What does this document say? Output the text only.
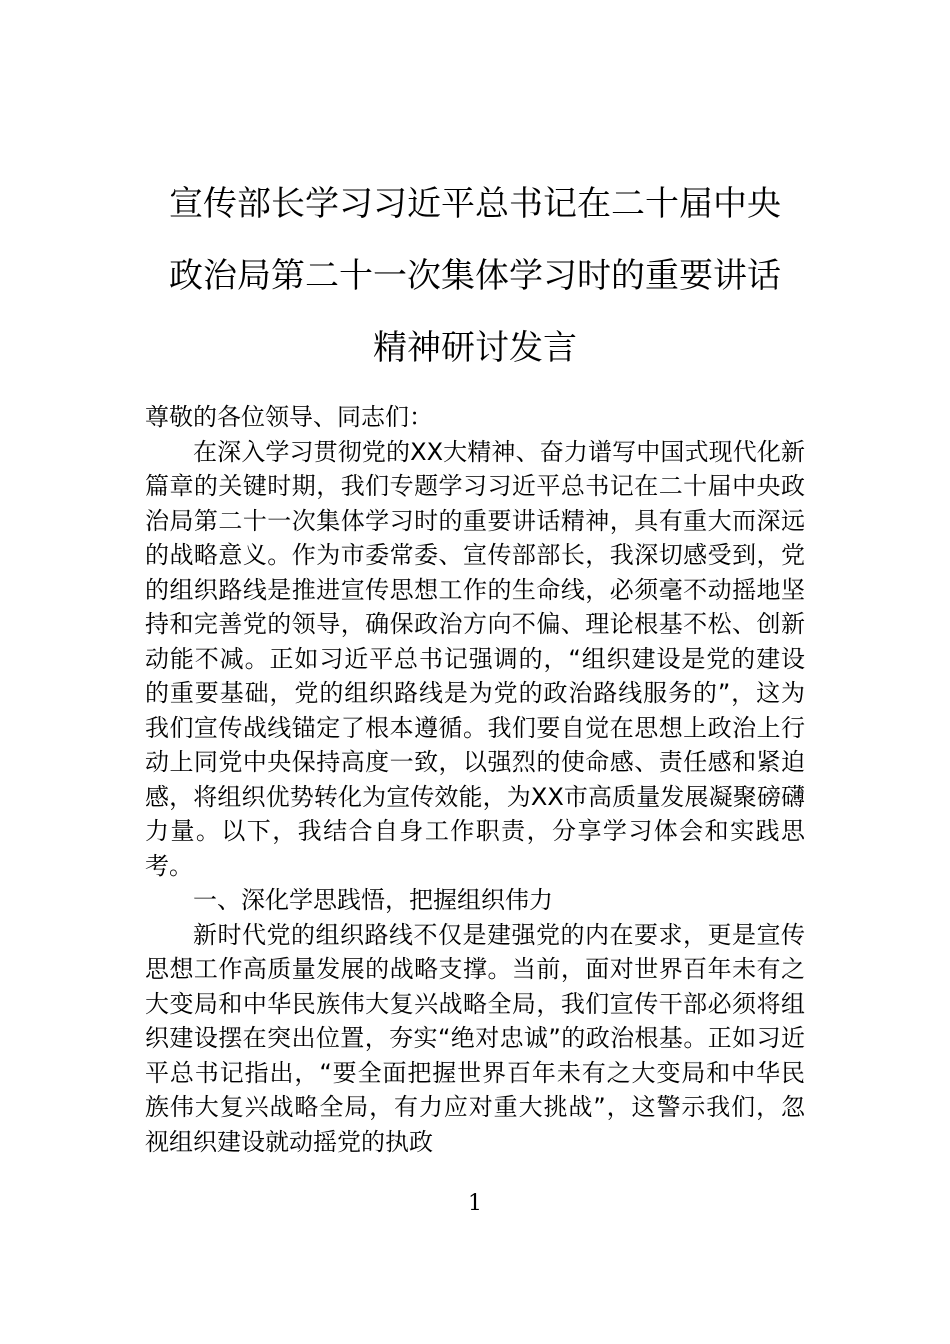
宣传部长学习习近平总书记在二十届中央
政治局第二十一次集体学习时的重要讲话
精神研讨发言

尊敬的各位领导、同志们：

在深入学习贯彻党的XX大精神、奋力谱写中国式现代化新篇章的关键时期，我们专题学习习近平总书记在二十届中央政治局第二十一次集体学习时的重要讲话精神，具有重大而深远的战略意义。作为市委常委、宣传部部长，我深切感受到，党的组织路线是推进宣传思想工作的生命线，必须毫不动摇地坚持和完善党的领导，确保政治方向不偏、理论根基不松、创新动能不减。正如习近平总书记强调的，“组织建设是党的建设的重要基础，党的组织路线是为党的政治路线服务的”，这为我们宣传战线锚定了根本遵循。我们要自觉在思想上政治上行动上同党中央保持高度一致，以强烈的使命感、责任感和紧迫感，将组织优势转化为宣传效能，为XX市高质量发展凝聚磅礴力量。以下，我结合自身工作职责，分享学习体会和实践思考。

一、深化学思践悟，把握组织伟力

新时代党的组织路线不仅是建强党的内在要求，更是宣传思想工作高质量发展的战略支撑。当前，面对世界百年未有之大变局和中华民族伟大复兴战略全局，我们宣传干部必须将组织建设摆在突出位置，夯实“绝对忠诚”的政治根基。正如习近平总书记指出，“要全面把握世界百年未有之大变局和中华民族伟大复兴战略全局，有力应对重大挑战”，这警示我们，忽视组织建设就动摇党的执政

1
